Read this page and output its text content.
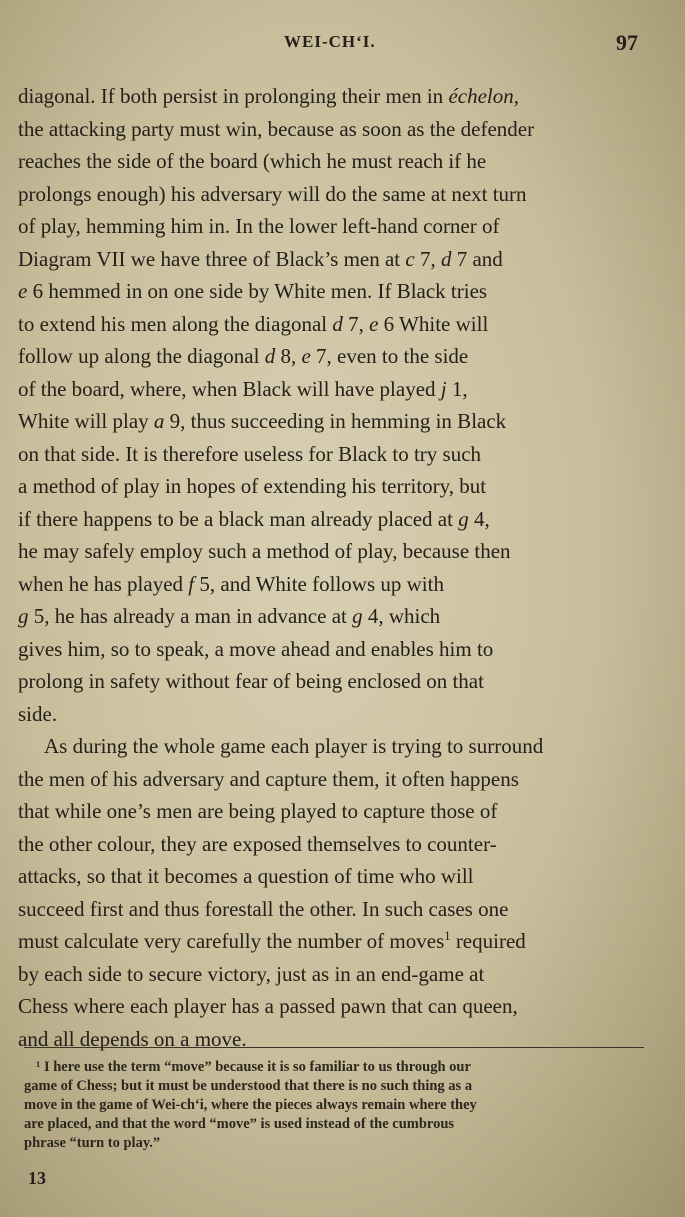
WEI-CH‘I.	97
diagonal. If both persist in prolonging their men in échelon,
the attacking party must win, because as soon as the defender
reaches the side of the board (which he must reach if he
prolongs enough) his adversary will do the same at next turn
of play, hemming him in. In the lower left-hand corner of
Diagram VII we have three of Black’s men at c 7, d 7 and
e 6 hemmed in on one side by White men. If Black tries
to extend his men along the diagonal d 7, e 6 White will
follow up along the diagonal d 8, e 7, even to the side
of the board, where, when Black will have played j 1,
White will play a 9, thus succeeding in hemming in Black
on that side. It is therefore useless for Black to try such
a method of play in hopes of extending his territory, but
if there happens to be a black man already placed at g 4,
he may safely employ such a method of play, because then
when he has played f 5, and White follows up with
g 5, he has already a man in advance at g 4, which
gives him, so to speak, a move ahead and enables him to
prolong in safety without fear of being enclosed on that
side.
As during the whole game each player is trying to surround
the men of his adversary and capture them, it often happens
that while one’s men are being played to capture those of
the other colour, they are exposed themselves to counter-
attacks, so that it becomes a question of time who will
succeed first and thus forestall the other. In such cases one
must calculate very carefully the number of moves$^1$ required
by each side to secure victory, just as in an end-game at
Chess where each player has a passed pawn that can queen,
and all depends on a move.
¹ I here use the term “move” because it is so familiar to us through our
game of Chess; but it must be understood that there is no such thing as a
move in the game of Wei-ch‘i, where the pieces always remain where they
are placed, and that the word “move” is used instead of the cumbrous
phrase “turn to play.”
13
